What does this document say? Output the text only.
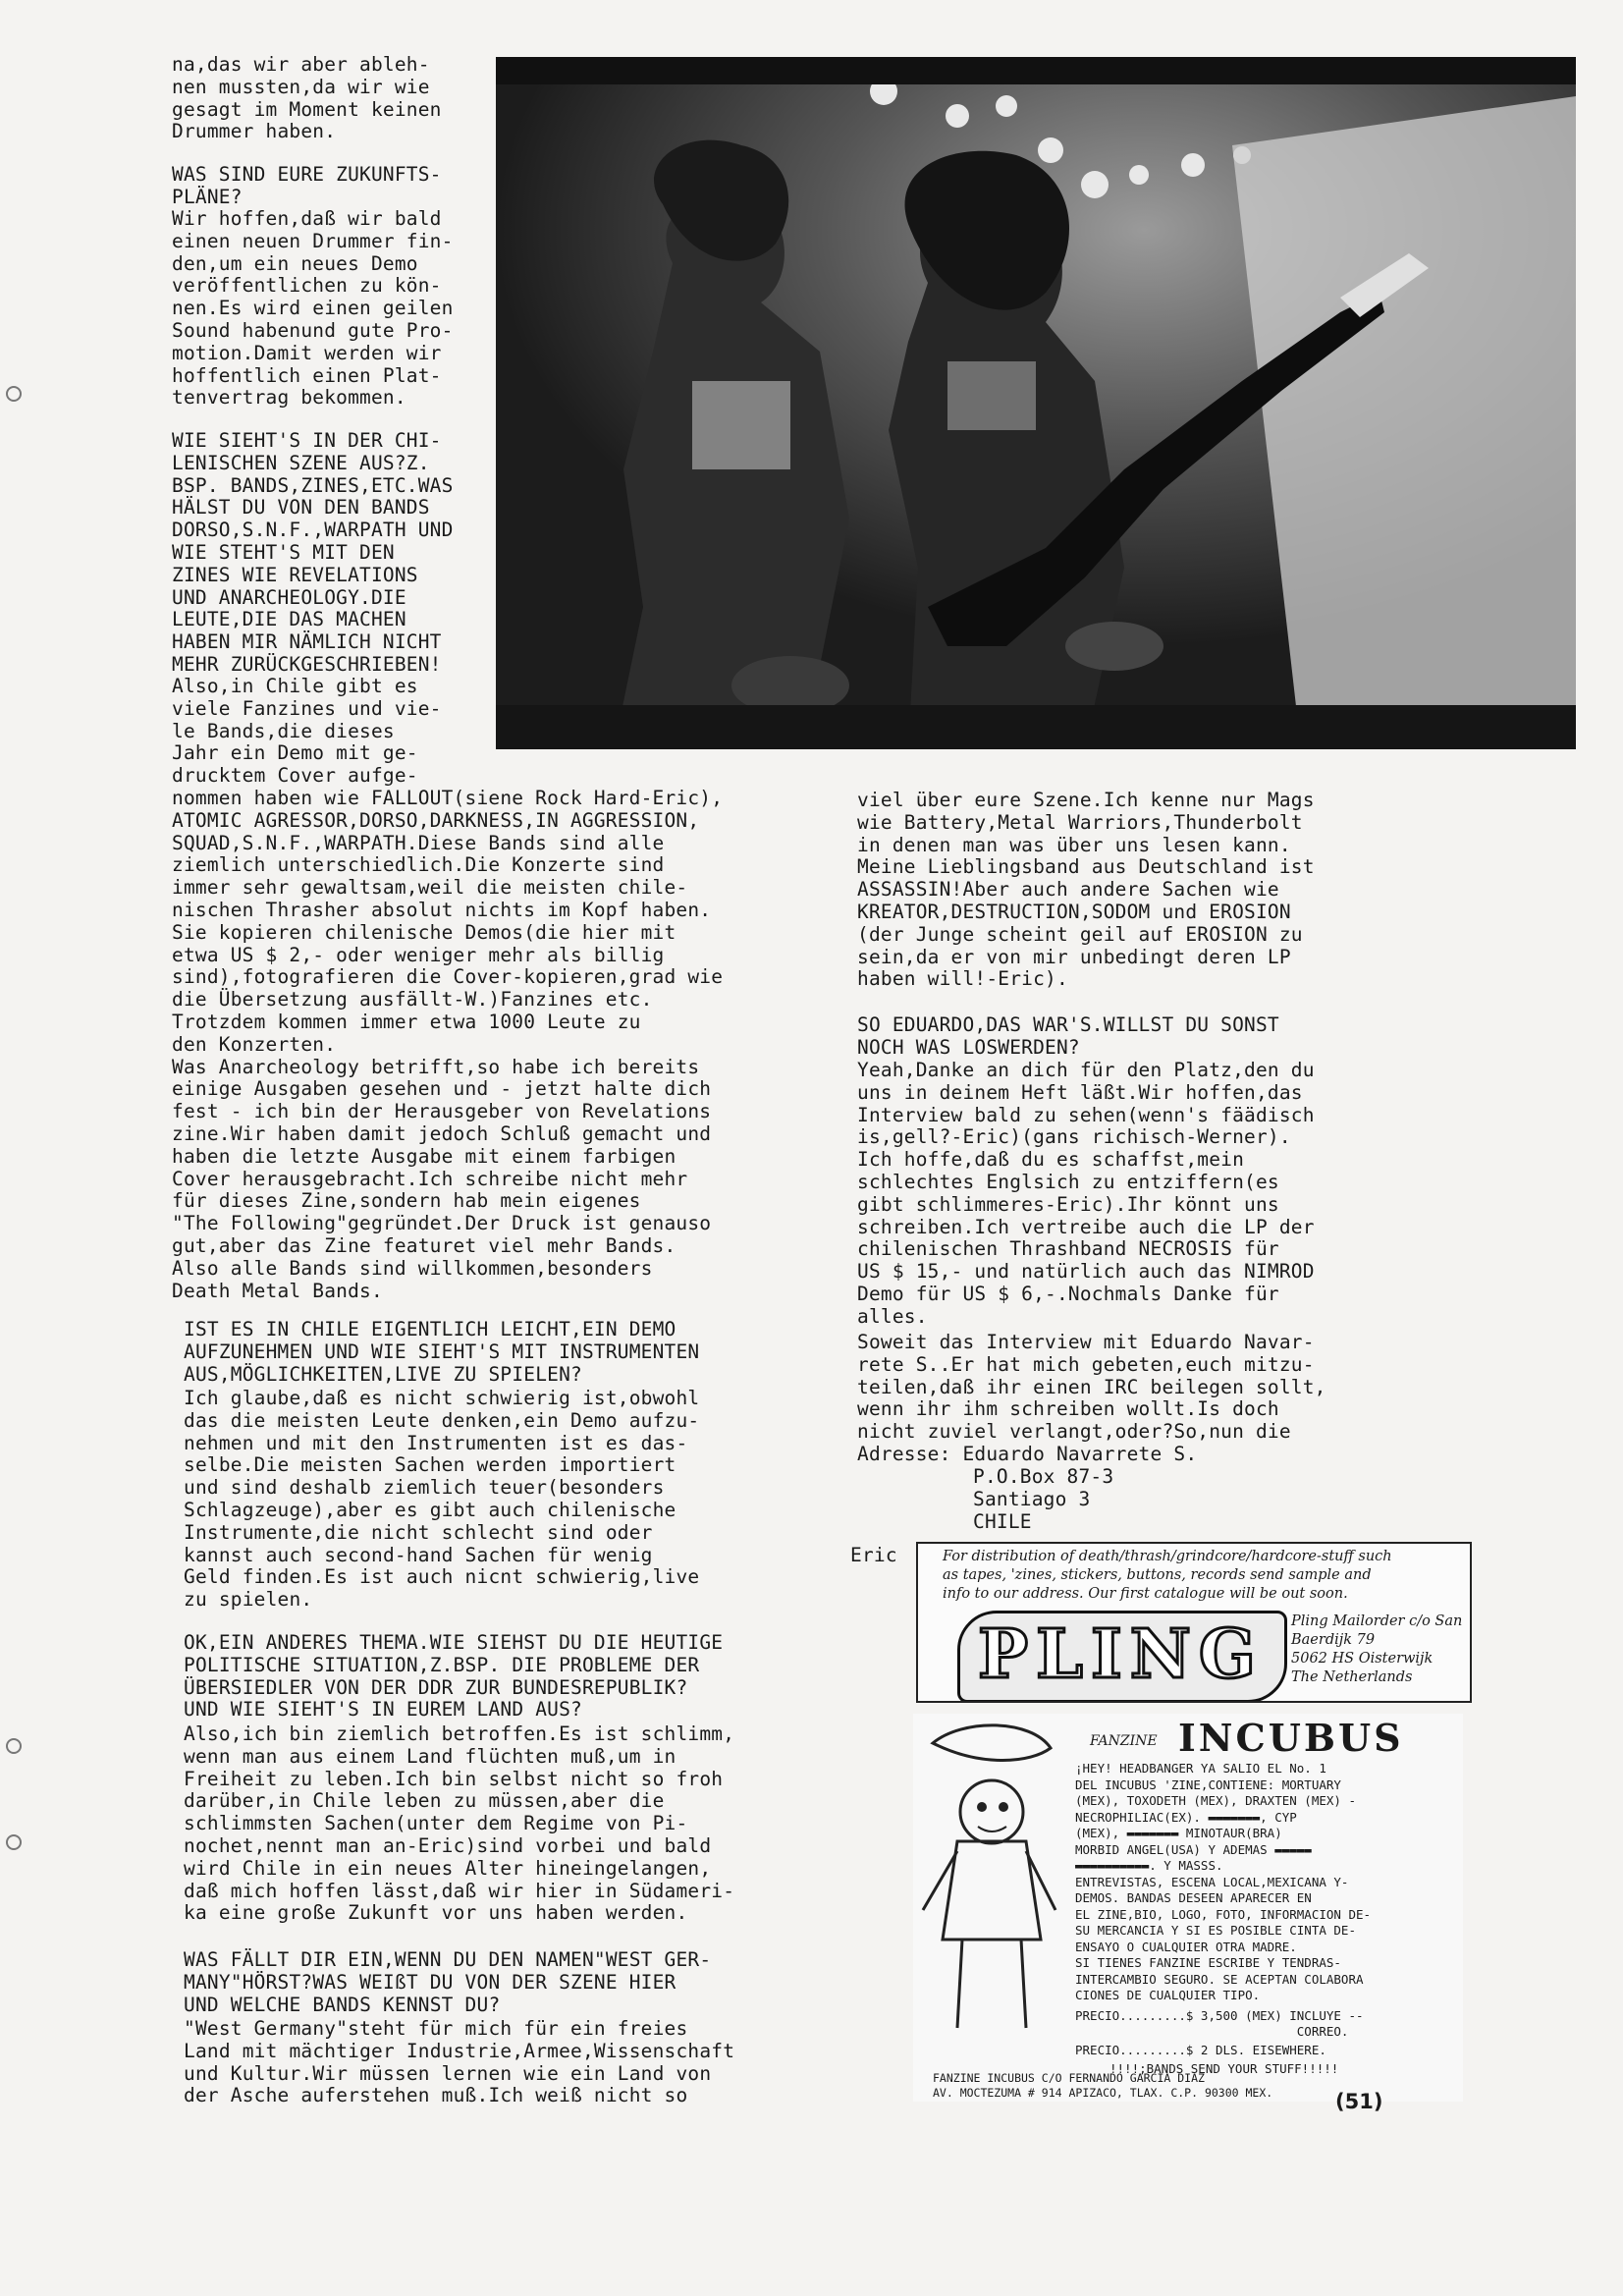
na,das wir aber ableh-
nen mussten,da wir wie
gesagt im Moment keinen
Drummer haben.
WAS SIND EURE ZUKUNFTS-
PLÄNE?
Wir hoffen,daß wir bald
einen neuen Drummer fin-
den,um ein neues Demo
veröffentlichen zu kön-
nen.Es wird einen geilen
Sound habenund gute Pro-
motion.Damit werden wir
hoffentlich einen Plat-
tenvertrag bekommen.
WIE SIEHT'S IN DER CHI-
LENISCHEN SZENE AUS?Z.
BSP. BANDS,ZINES,ETC.WAS
HÄLST DU VON DEN BANDS
DORSO,S.N.F.,WARPATH UND
WIE STEHT'S MIT DEN
ZINES WIE REVELATIONS
UND ANARCHEOLOGY.DIE
LEUTE,DIE DAS MACHEN
HABEN MIR NÄMLICH NICHT
MEHR ZURÜCKGESCHRIEBEN!
Also,in Chile gibt es
viele Fanzines und vie-
le Bands,die dieses
Jahr ein Demo mit ge-
drucktem Cover aufge-
nommen haben wie FALLOUT(siene Rock Hard-Eric),
ATOMIC AGRESSOR,DORSO,DARKNESS,IN AGGRESSION,
SQUAD,S.N.F.,WARPATH.Diese Bands sind alle
ziemlich unterschiedlich.Die Konzerte sind
immer sehr gewaltsam,weil die meisten chile-
nischen Thrasher absolut nichts im Kopf haben.
Sie kopieren chilenische Demos(die hier mit
etwa US $ 2,- oder weniger mehr als billig
sind),fotografieren die Cover-kopieren,grad wie
die Übersetzung ausfällt-W.)Fanzines etc.
Trotzdem kommen immer etwa 1000 Leute zu
den Konzerten.
Was Anarcheology betrifft,so habe ich bereits
einige Ausgaben gesehen und - jetzt halte dich
fest - ich bin der Herausgeber von Revelations
zine.Wir haben damit jedoch Schluß gemacht und
haben die letzte Ausgabe mit einem farbigen
Cover herausgebracht.Ich schreibe nicht mehr
für dieses Zine,sondern hab mein eigenes
"The Following"gegründet.Der Druck ist genauso
gut,aber das Zine featuret viel mehr Bands.
Also alle Bands sind willkommen,besonders
Death Metal Bands.
IST ES IN CHILE EIGENTLICH LEICHT,EIN DEMO
AUFZUNEHMEN UND WIE SIEHT'S MIT INSTRUMENTEN
AUS,MÖGLICHKEITEN,LIVE ZU SPIELEN?
Ich glaube,daß es nicht schwierig ist,obwohl
das die meisten Leute denken,ein Demo aufzu-
nehmen und mit den Instrumenten ist es das-
selbe.Die meisten Sachen werden importiert
und sind deshalb ziemlich teuer(besonders
Schlagzeuge),aber es gibt auch chilenische
Instrumente,die nicht schlecht sind oder
kannst auch second-hand Sachen für wenig
Geld finden.Es ist auch nicnt schwierig,live
zu spielen.
OK,EIN ANDERES THEMA.WIE SIEHST DU DIE HEUTIGE
POLITISCHE SITUATION,Z.BSP. DIE PROBLEME DER
ÜBERSIEDLER VON DER DDR ZUR BUNDESREPUBLIK?
UND WIE SIEHT'S IN EUREM LAND AUS?
Also,ich bin ziemlich betroffen.Es ist schlimm,
wenn man aus einem Land flüchten muß,um in
Freiheit zu leben.Ich bin selbst nicht so froh
darüber,in Chile leben zu müssen,aber die
schlimmsten Sachen(unter dem Regime von Pi-
nochet,nennt man an-Eric)sind vorbei und bald
wird Chile in ein neues Alter hineingelangen,
daß mich hoffen lässt,daß wir hier in Südameri-
ka eine große Zukunft vor uns haben werden.
WAS FÄLLT DIR EIN,WENN DU DEN NAMEN"WEST GER-
MANY"HÖRST?WAS WEIßT DU VON DER SZENE HIER
UND WELCHE BANDS KENNST DU?
"West Germany"steht für mich für ein freies
Land mit mächtiger Industrie,Armee,Wissenschaft
und Kultur.Wir müssen lernen wie ein Land von
der Asche auferstehen muß.Ich weiß nicht so
viel über eure Szene.Ich kenne nur Mags
wie Battery,Metal Warriors,Thunderbolt
in denen man was über uns lesen kann.
Meine Lieblingsband aus Deutschland ist
ASSASSIN!Aber auch andere Sachen wie
KREATOR,DESTRUCTION,SODOM und EROSION
(der Junge scheint geil auf EROSION zu
sein,da er von mir unbedingt deren LP
haben will!-Eric).
SO EDUARDO,DAS WAR'S.WILLST DU SONST
NOCH WAS LOSWERDEN?
Yeah,Danke an dich für den Platz,den du
uns in deinem Heft läßt.Wir hoffen,das
Interview bald zu sehen(wenn's fäädisch
is,gell?-Eric)(gans richisch-Werner).
Ich hoffe,daß du es schaffst,mein
schlechtes Englsich zu entziffern(es
gibt schlimmeres-Eric).Ihr könnt uns
schreiben.Ich vertreibe auch die LP der
chilenischen Thrashband NECROSIS für
US $ 15,- und natürlich auch das NIMROD
Demo für US $ 6,-.Nochmals Danke für
alles.
Soweit das Interview mit Eduardo Navar-
rete S..Er hat mich gebeten,euch mitzu-
teilen,daß ihr einen IRC beilegen sollt,
wenn ihr ihm schreiben wollt.Is doch
nicht zuviel verlangt,oder?So,nun die
Adresse: Eduardo Navarrete S.
P.O.Box 87-3
Santiago 3
CHILE
Eric	For distribution of death/thrash/grindcore/hardcore-stuff such
as tapes, 'zines, stickers, buttons, records send sample and
info to our address. Our first catalogue will be out soon.
PLING Pling Mailorder c/o San
Baerdijk 79
5062 HS Oisterwijk
The Netherlands
FANZINE INCUBUS
¡HEY! HEADBANGER YA SALIO EL No. 1
DEL INCUBUS 'ZINE,CONTIENE: MORTUARY
(MEX), TOXODETH (MEX), DRAXTEN (MEX) -
NECROPHILIAC(EX). ▬▬▬▬▬▬▬, CYP
(MEX), ▬▬▬▬▬▬▬ MINOTAUR(BRA)
MORBID ANGEL(USA) Y ADEMAS ▬▬▬▬▬
▬▬▬▬▬▬▬▬▬▬. Y MASSS.
ENTREVISTAS, ESCENA LOCAL,MEXICANA Y-
DEMOS. BANDAS DESEEN APARECER EN
EL ZINE,BIO, LOGO, FOTO, INFORMACION DE-
SU MERCANCIA Y SI ES POSIBLE CINTA DE-
ENSAYO O CUALQUIER OTRA MADRE.
SI TIENES FANZINE ESCRIBE Y TENDRAS-
INTERCAMBIO SEGURO. SE ACEPTAN COLABORA
CIONES DE CUALQUIER TIPO.
PRECIO.........$ 3,500 (MEX) INCLUYE --
CORREO.
PRECIO.........$ 2 DLS. EISEWHERE.
!!!!;BANDS SEND YOUR STUFF!!!!!
FANZINE INCUBUS C/O FERNANDO GARCIA DIAZ
AV. MOCTEZUMA # 914 APIZACO, TLAX. C.P. 90300 MEX.	(51)
